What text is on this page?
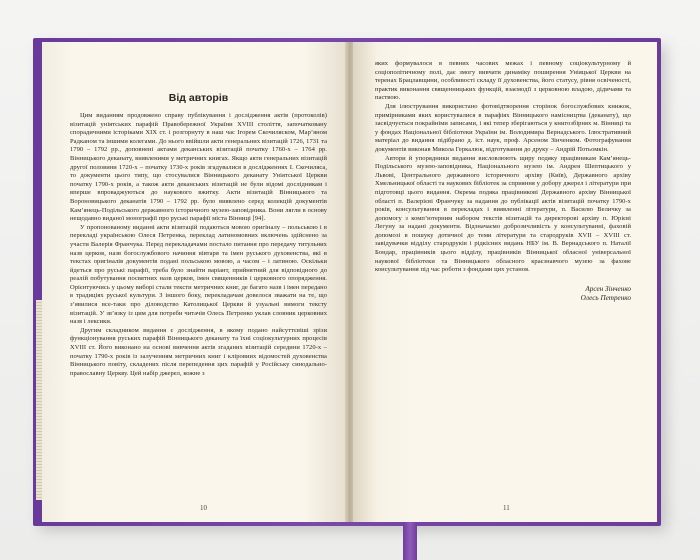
Від авторів

Цим виданням продовжено справу публікування і дослідження актів (протоколів) візитацій уніятських парафій Правобережної України XVIII століття, започатковану спорадичними історіками XIX ст. і розгорнуту в наш час Ігорем Скочиляском, Мар’яном Радканом та іншими колегами. До нього ввійшли акти генеральних візитацій 1726, 1731 та 1790 – 1792 рр., доповнені актами деканських візитацій початку 1760-х – 1764 рр. Вінницького деканату, виявленими у метричних книгах. Якщо акти генеральних візитацій другої половини 1720-х – початку 1730-х років згадувалися в дослідженнях І. Скочиляса, то документи цього типу, що стосувалися Вінницького деканату Уніятської Церкви початку 1790-х років, а також акти деканських візитацій не були відомі дослідникам і вперше впроваджуються до наукового вжитку. Акти візитацій Вінницького та Вороновицького деканатів 1790 – 1792 рр. було виявлено серед колекцій документів Кам’янець-Подільського державного історичного музею-заповідника. Вони лягли в основу нещодавно виданої монографії про руські парафії міста Вінниці [94].

У пропонованому виданні акти візитацій подаються мовою оригіналу – польською і в перекладі українською Олеся Петренка, переклад латиномовних включень здійснено за участи Валерія Франчука. Перед перекладачами постало питання про передачу титульних назв церков, назв богослужбового начиння вівтаря та імен руського духовенства, які в текстах оригіналів документів подані польською мовою, а часом – і латиною. Оскільки йдеться про руські парафії, треба було знайти варіант, прийнятний для відповідного до реалій побутування посвятних назв церков, імен священників і церковного опорядження. Орієнтуючись у цьому виборі стали тексти метричних книг, де багато назв і імен передано в традиціях руської культури. З іншого боку, перекладачам довелося зважати на те, що з’явилися все-таки про діловодство Католицької Церкви й узуальні вимоги тексту візитацій. У зв’язку із цим для потреби читачів Олесь Петренко уклав словник церковних назв і лексики.

Другим складником видання є дослідження, в якому подано найсуттєвіші зрізи функціонування руських парафій Вінницького деканату та їхні соціокультурних процесів XVIII ст. Його виконано на основі вивчення актів згаданих візитацій середини 1720-х – початку 1790-х років із залученням метричних книг і кліровиих відомостей духовенства Вінницького повіту, складених після перепедення цих парафій у Російську синодально-православну Церкву. Цей набір джерел, кожне з

10

яких формувалося в певних часових межах і певному соціокультурному й соціополітичному полі, дає змогу вивчати динаміку поширення Уніяцької Церкви на теренах Брацлавщини, особливості складу її духовенства, його статусу, рівня освіченості, практик виконання священницьких функцій, взаємодії з церковною владою, дідичами та паствою.

Для ілюстрування використано фотовідтворення сторінок богослужбових книжок, примірниками яких користувалися в парафіях Вінницького намісництва (деканату), що засвідчується покрайніми записами, і які тепер зберігаються у книгозбірнях м. Вінниці та у фондах Національної бібліотеки України ім. Володимира Вернадського. Ілюстративний матеріал до видання підібрано д. іст. наук, проф. Арсеном Зінченком. Фотографування документів виконав Микола Геркалюк, відготування до друку – Андрій Потьомкін.

Автори й упорядники видання висловлюють щиру подяку працівникам Кам’янець-Подільського музею-заповідника, Національного музею ім. Андрея Шептицького у Львові, Центрального державного історичного архіву (Київ), Державного архіву Хмельницької області та наукових бібліотек за сприяння у добору джерел і літератури при підготовці цього видання. Окрема подяка працівникові Державного архіву Вінницької області п. Валерієві Франчуку за надання до публікації актів візитацій початку 1790-х років, консультування в перекладах і виявленні літератури, п. Василю Величку за допомогу з комп’ютерним набором текстів візитацій та директорові архіву п. Юрієві Легуну за надані документи. Відзначаємо доброзичливість у консультуванні, фаховій допомозі в пошуку дотичної до теми літератури та стародруків XVII – XVIII ст. завідувачки відділу стародруків і рідкісних видань НБУ ім. В. Вернадського п. Наталії Бондар, працівників цього відділу, працівників Вінницької обласної універсальної наукової бібліотеки та Вінницького обласного краєзнавчого музею за фахове консультування під час роботи з фондами цих установ.

Арсен Зінченко

Олесь Петренко

11
